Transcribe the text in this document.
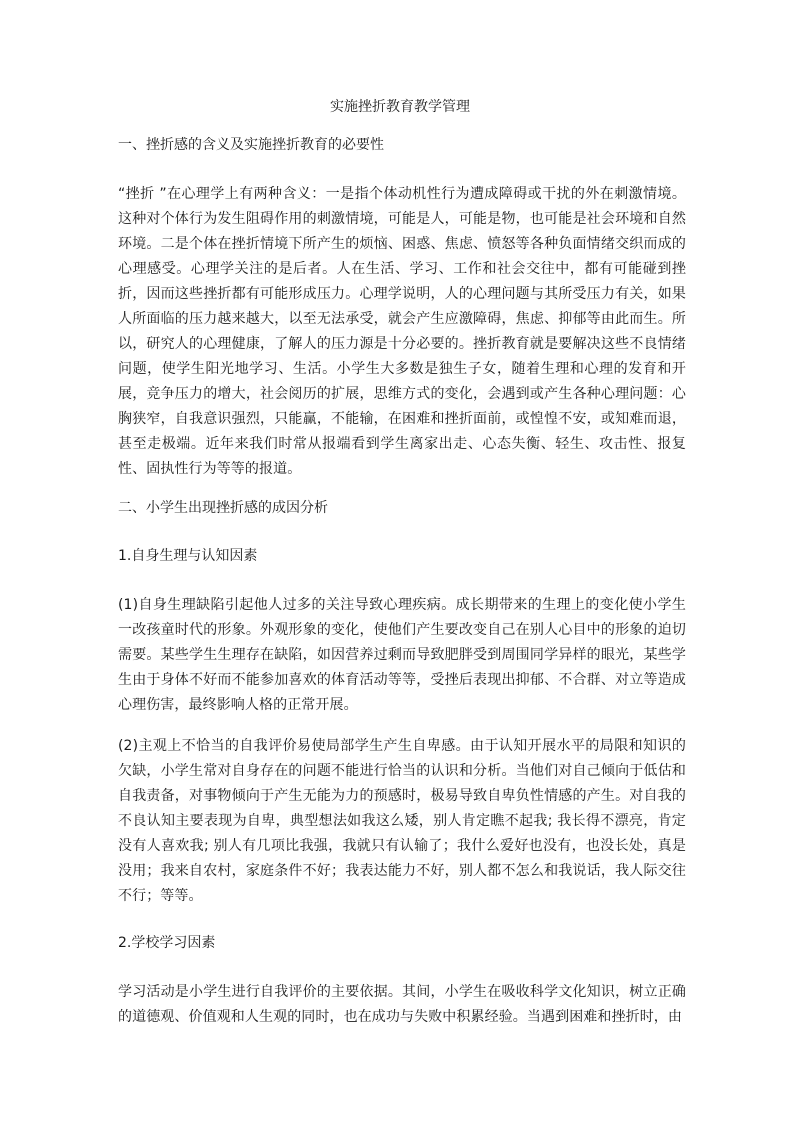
实施挫折教育教学管理
一、挫折感的含义及实施挫折教育的必要性
“挫折 ”在心理学上有两种含义：一是指个体动机性行为遭成障碍或干扰的外在刺激情境。这种对个体行为发生阻碍作用的刺激情境，可能是人，可能是物，也可能是社会环境和自然环境。二是个体在挫折情境下所产生的烦恼、困惑、焦虑、愤怒等各种负面情绪交织而成的心理感受。心理学关注的是后者。人在生活、学习、工作和社会交往中，都有可能碰到挫折，因而这些挫折都有可能形成压力。心理学说明，人的心理问题与其所受压力有关，如果人所面临的压力越来越大，以至无法承受，就会产生应激障碍，焦虑、抑郁等由此而生。所以，研究人的心理健康，了解人的压力源是十分必要的。挫折教育就是要解决这些不良情绪问题，使学生阳光地学习、生活。小学生大多数是独生子女，随着生理和心理的发育和开展，竞争压力的增大，社会阅历的扩展，思维方式的变化，会遇到或产生各种心理问题：心胸狭窄，自我意识强烈，只能赢，不能输，在困难和挫折面前，或惶惶不安，或知难而退，甚至走极端。近年来我们时常从报端看到学生离家出走、心态失衡、轻生、攻击性、报复性、固执性行为等等的报道。
二、小学生出现挫折感的成因分析
1.自身生理与认知因素
(1)自身生理缺陷引起他人过多的关注导致心理疾病。成长期带来的生理上的变化使小学生一改孩童时代的形象。外观形象的变化，使他们产生要改变自己在别人心目中的形象的迫切需要。某些学生生理存在缺陷，如因营养过剩而导致肥胖受到周围同学异样的眼光，某些学生由于身体不好而不能参加喜欢的体育活动等等，受挫后表现出抑郁、不合群、对立等造成心理伤害，最终影响人格的正常开展。
(2)主观上不恰当的自我评价易使局部学生产生自卑感。由于认知开展水平的局限和知识的欠缺，小学生常对自身存在的问题不能进行恰当的认识和分析。当他们对自己倾向于低估和自我责备，对事物倾向于产生无能为力的预感时，极易导致自卑负性情感的产生。对自我的不良认知主要表现为自卑，典型想法如我这么矮，别人肯定瞧不起我; 我长得不漂亮，肯定没有人喜欢我; 别人有几项比我强，我就只有认输了；我什么爱好也没有，也没长处，真是没用；我来自农村，家庭条件不好；我表达能力不好，别人都不怎么和我说话，我人际交往不行；等等。
2.学校学习因素
学习活动是小学生进行自我评价的主要依据。其间，小学生在吸收科学文化知识，树立正确的道德观、价值观和人生观的同时，也在成功与失败中积累经验。当遇到困难和挫折时，由
